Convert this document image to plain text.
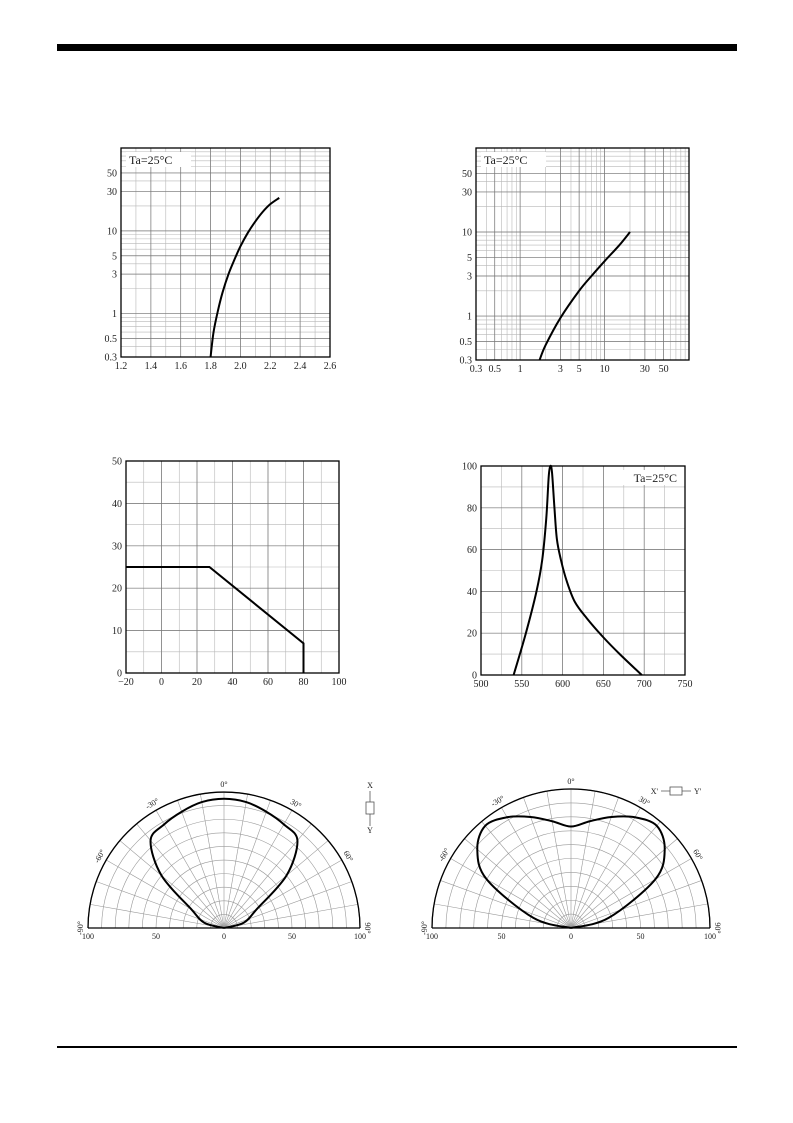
1.2 1.4 1.6 1.8 2.0 2.2 2.4 2.6
0.3
0.5
1
3
5
10
30
50
Ta=25°C
0.3 0.5 1	3 5 10	30 50
0.3
0.5
1
3
5
10
30
50
Ta=25°C
−20	0	20	40	60	80 100
0
10
20
30
40
50
500	550	600	650	700	750
0
20
40
60
80
100
Ta=25°C
-90°
-60°
-30°
0°
30°
60°
90°
100	50	0	50	100
X
Y
-90°
-60°
-30°
0°
30°
60°
90°
100	50	0	50	100
X'	Y'
